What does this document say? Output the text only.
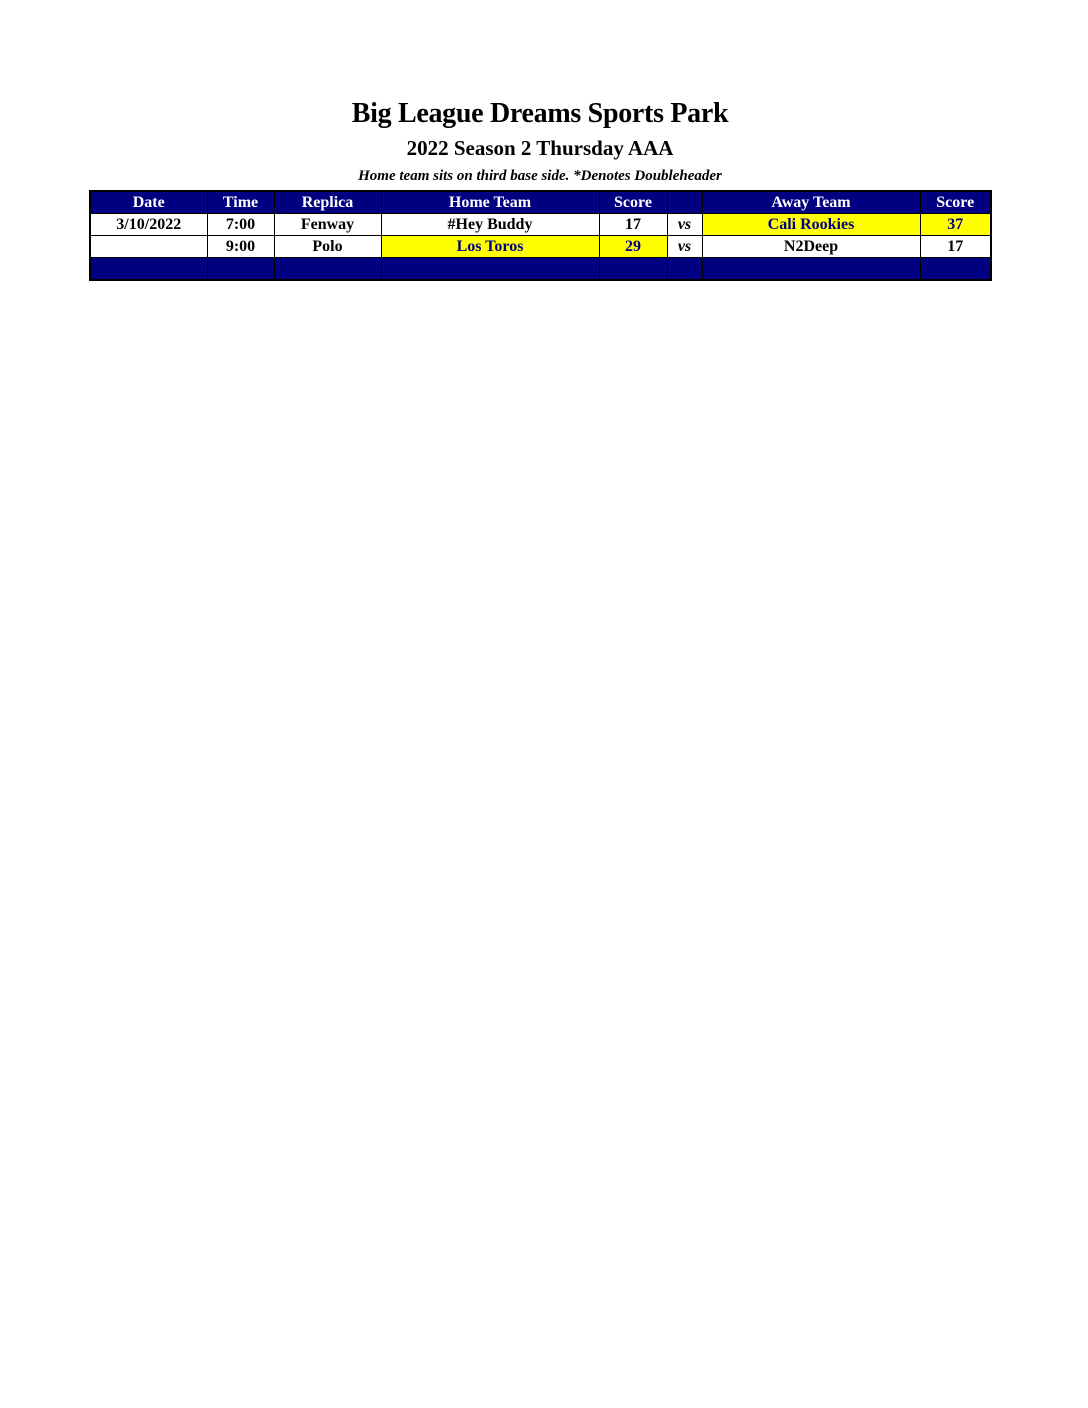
Big League Dreams Sports Park
2022 Season 2 Thursday AAA
Home team sits on third base side. *Denotes Doubleheader
Date	Time	Replica	Home Team	Score		Away Team	Score
3/10/2022	7:00	Fenway	#Hey Buddy	17	vs	Cali Rookies	37
	9:00	Polo	Los Toros	29	vs	N2Deep	17
